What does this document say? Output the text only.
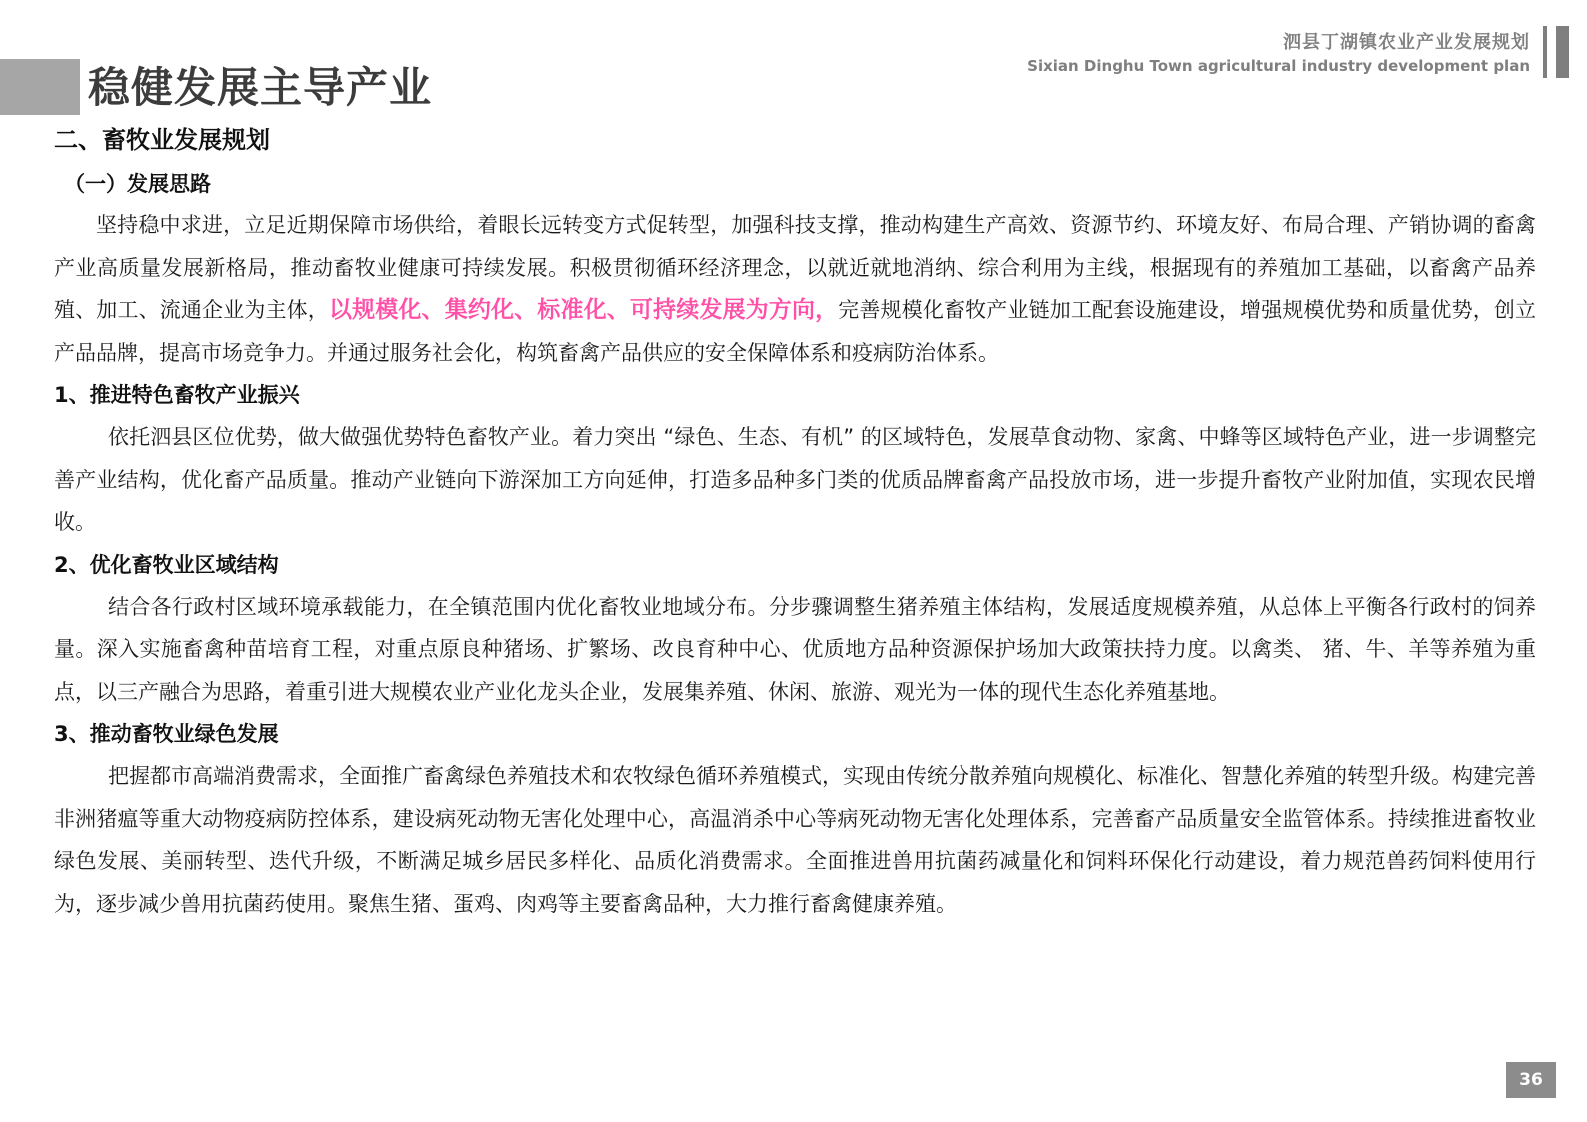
稳健发展主导产业
泗县丁湖镇农业产业发展规划
Sixian Dinghu Town agricultural industry development plan
二、畜牧业发展规划
（一）发展思路

坚持稳中求进，立足近期保障市场供给，着眼长远转变方式促转型，加强科技支撑，推动构建生产高效、资源节约、环境友好、布局合理、产销协调的畜禽产业高质量发展新格局，推动畜牧业健康可持续发展。积极贯彻循环经济理念，以就近就地消纳、综合利用为主线，根据现有的养殖加工基础，以畜禽产品养殖、加工、流通企业为主体，以规模化、集约化、标准化、可持续发展为方向，完善规模化畜牧产业链加工配套设施建设，增强规模优势和质量优势，创立产品品牌，提高市场竞争力。并通过服务社会化，构筑畜禽产品供应的安全保障体系和疫病防治体系。

1、推进特色畜牧产业振兴

依托泗县区位优势，做大做强优势特色畜牧产业。着力突出 “绿色、生态、有机” 的区域特色，发展草食动物、家禽、中蜂等区域特色产业，进一步调整完善产业结构，优化畜产品质量。推动产业链向下游深加工方向延伸，打造多品种多门类的优质品牌畜禽产品投放市场，进一步提升畜牧产业附加值，实现农民增收。

2、优化畜牧业区域结构

结合各行政村区域环境承载能力，在全镇范围内优化畜牧业地域分布。分步骤调整生猪养殖主体结构，发展适度规模养殖，从总体上平衡各行政村的饲养量。深入实施畜禽种苗培育工程，对重点原良种猪场、扩繁场、改良育种中心、优质地方品种资源保护场加大政策扶持力度。以禽类、 猪、牛、羊等养殖为重点，以三产融合为思路，着重引进大规模农业产业化龙头企业，发展集养殖、休闲、旅游、观光为一体的现代生态化养殖基地。

3、推动畜牧业绿色发展

把握都市高端消费需求，全面推广畜禽绿色养殖技术和农牧绿色循环养殖模式，实现由传统分散养殖向规模化、标准化、智慧化养殖的转型升级。构建完善非洲猪瘟等重大动物疫病防控体系，建设病死动物无害化处理中心，高温消杀中心等病死动物无害化处理体系，完善畜产品质量安全监管体系。持续推进畜牧业绿色发展、美丽转型、迭代升级，不断满足城乡居民多样化、品质化消费需求。全面推进兽用抗菌药减量化和饲料环保化行动建设，着力规范兽药饲料使用行为，逐步减少兽用抗菌药使用。聚焦生猪、蛋鸡、肉鸡等主要畜禽品种，大力推行畜禽健康养殖。

36
